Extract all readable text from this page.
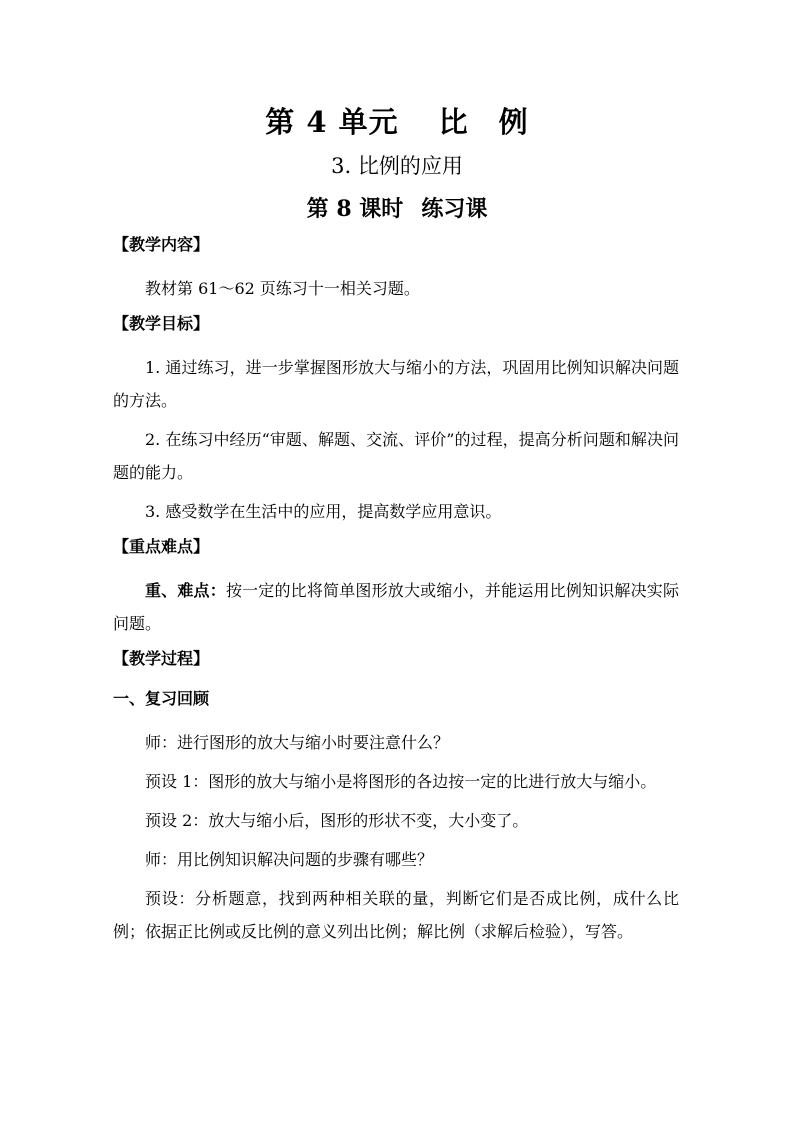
第 4 单元 比　例
3. 比例的应用
第 8 课时 练习课
【教学内容】

教材第 61～62 页练习十一相关习题。

【教学目标】

1. 通过练习，进一步掌握图形放大与缩小的方法，巩固用比例知识解决问题的方法。

2. 在练习中经历“审题、解题、交流、评价”的过程，提高分析问题和解决问题的能力。

3. 感受数学在生活中的应用，提高数学应用意识。

【重点难点】

重、难点：按一定的比将简单图形放大或缩小，并能运用比例知识解决实际问题。

【教学过程】
一、复习回顾

师：进行图形的放大与缩小时要注意什么？

预设 1：图形的放大与缩小是将图形的各边按一定的比进行放大与缩小。

预设 2：放大与缩小后，图形的形状不变，大小变了。

师：用比例知识解决问题的步骤有哪些？

预设：分析题意，找到两种相关联的量，判断它们是否成比例，成什么比例；依据正比例或反比例的意义列出比例；解比例（求解后检验），写答。
